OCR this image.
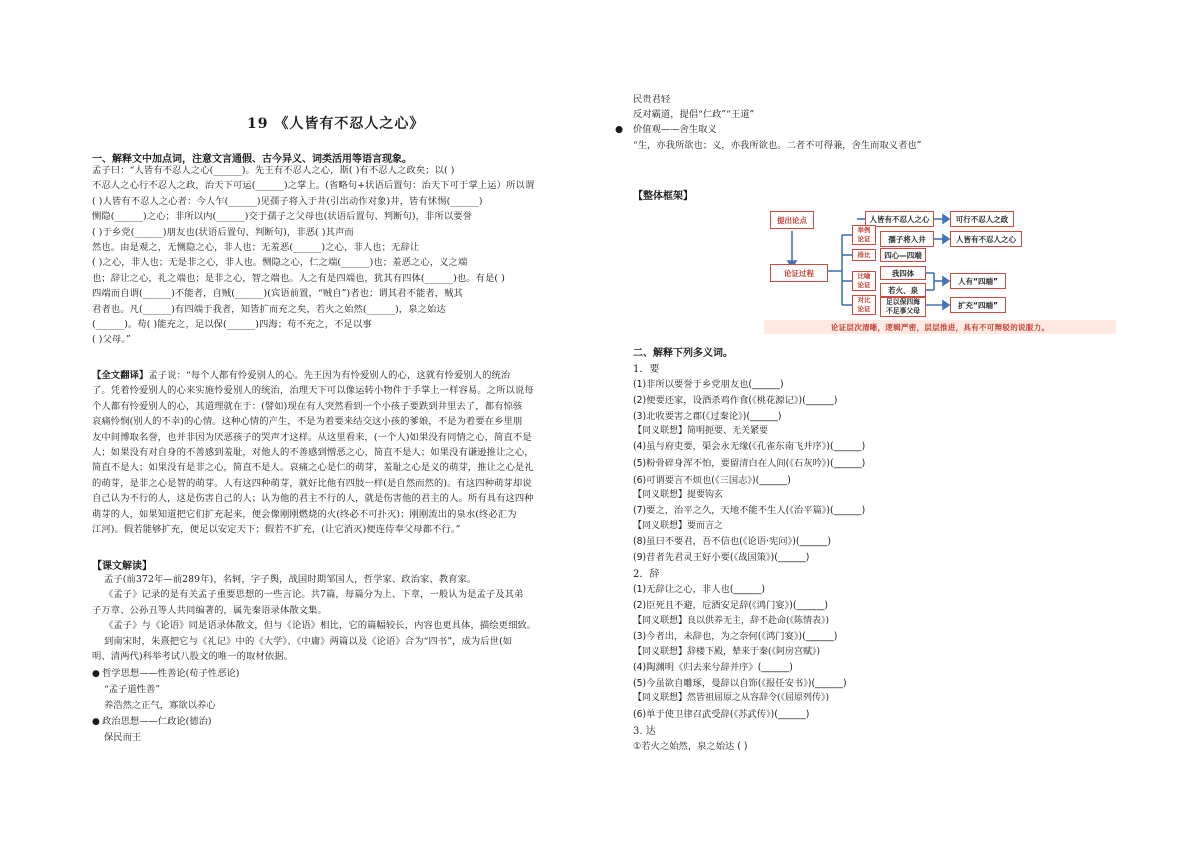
19 《人皆有不忍人之心》
一、解释文中加点词，注意文言通假、古今异义、词类活用等语言现象。
孟子曰：“人皆有不忍人之心(______)。先王有不忍人之心，斯( )有不忍人之政矣；以( )
不忍人之心行不忍人之政，治天下可运(______)之掌上。(省略句+状语后置句：治天下可于掌上运）所以谓
( )人皆有不忍人之心者：今人乍(______)见孺子将入于井(引出动作对象)井，皆有怵惕(______)
恻隐(______)之心；非所以内(______)交于孺子之父母也(状语后置句、判断句)，非所以要誉
( )于乡党(______)朋友也(状语后置句、判断句)，非恶( )其声而
然也。由是观之，无恻隐之心，非人也；无羞恶(______)之心，非人也；无辞让
( )之心，非人也；无是非之心，非人也。恻隐之心，仁之端(______)也；羞恶之心，义之端
也；辞让之心，礼之端也；是非之心，智之端也。人之有是四端也，犹其有四体(______)也。有是( )
四端而自谓(______)不能者，自贼(______)(宾语前置，“贼自”)者也；谓其君不能者，贼其
君者也。凡(______)有四端于我者，知皆扩而充之矣，若火之始然(______)，泉之始达
(______)。苟( )能充之，足以保(______)四海；苟不充之，不足以事
( )父母。”
【全文翻译】孟子说：“每个人都有怜爱别人的心。先王因为有怜爱别人的心，这就有怜爱别人的统治
了。凭着怜爱别人的心来实施怜爱别人的统治，治理天下可以像运转小物件于手掌上一样容易。之所以说每
个人都有怜爱别人的心，其道理就在于：(譬如)现在有人突然看到一个小孩子要跌到井里去了，都有惊骇
哀痛怜悯(别人的不幸)的心情。这种心情的产生，不是为着要来结交这小孩的爹娘，不是为着要在乡里朋
友中间博取名誉，也并非因为厌恶孩子的哭声才这样。从这里看来，(一个人)如果没有同情之心，简直不是
人；如果没有对自身的不善感到羞耻，对他人的不善感到憎恶之心，简直不是人；如果没有谦逊推让之心，
简直不是人；如果没有是非之心，简直不是人。哀痛之心是仁的萌芽，羞耻之心是义的萌芽，推让之心是礼
的萌芽，是非之心是智的萌芽。人有这四种萌芽，就好比他有四肢一样(是自然而然的)。有这四种萌芽却说
自己认为不行的人，这是伤害自己的人；认为他的君主不行的人，就是伤害他的君主的人。所有具有这四种
萌芽的人，如果知道把它们扩充起来，便会像刚刚燃烧的火(终必不可扑灭)；刚刚流出的泉水(终必汇为
江河)。假若能够扩充，便足以安定天下；假若不扩充，(让它消灭)便连侍奉父母都不行。”
【课文解读】
孟子(前372年—前289年)，名轲，字子舆，战国时期邹国人，哲学家、政治家、教育家。
《孟子》记录的是有关孟子重要思想的一些言论。共7篇，每篇分为上、下章，一般认为是孟子及其弟
子万章、公孙丑等人共同编著的，属先秦语录体散文集。
《孟子》与《论语》同是语录体散文，但与《论语》相比，它的篇幅较长，内容也更具体，描绘更细致。
到南宋时，朱熹把它与《礼记》中的《大学》、《中庸》两篇以及《论语》合为“四书”，成为后世(如
明、清两代)科举考试八股文的唯一的取材依据。
● 哲学思想——性善论(荀子性恶论)
“孟子道性善”
养浩然之正气，寡欲以养心
● 政治思想——仁政论(德治)
保民而王
民贵君轻
反对霸道，提倡“仁政”“王道”
● 价值观——舍生取义
“生，亦我所欲也；义，亦我所欲也。二者不可得兼，舍生而取义者也”
【整体框架】
提出论点	人皆有不忍人之心	可行不忍人之政
论证过程
举例
论证	孺子将入井	人皆有不忍人之心
排比	四心—四端
比喻
论证
我四体
若火、泉
人有“四端”
对比
论证
足以保四海
不足事父母
扩充“四端”
论证层次清晰，逻辑严密，层层推进，具有不可辩驳的说服力。
二、解释下列多义词。
1．要
(1)非所以要誉于乡党朋友也(______)
(2)便要还家，设酒杀鸡作食(《桃花源记》)(______)
(3)北收要害之郡(《过秦论》)(______)
【同义联想】简明扼要、无关紧要
(4)虽与府吏要，渠会永无缘(《孔雀东南飞并序》)(______)
(5)粉骨碎身浑不怕，要留清白在人间(《石灰吟》)(______)
(6)可谓要言不烦也(《三国志》)(______)
【同义联想】提要钩玄
(7)要之，治平之久，天地不能不生人(《治平篇》)(______)
【同义联想】要而言之
(8)虽曰不要君，吾不信也(《论语·宪问》)(______)
(9)昔者先君灵王好小要(《战国策》)(______)
2．辞
(1)无辞让之心，非人也(______)
(2)臣死且不避，卮酒安足辞(《鸿门宴》)(______)
【同义联想】良以供养无主，辞不赴命(《陈情表》)
(3)今者出，未辞也，为之奈何(《鸿门宴》)(______)
【同义联想】辞楼下殿，辇来于秦(《阿房宫赋》)
(4)陶渊明《归去来兮辞并序》(______)
(5)今虽欲自雕琢，曼辞以自饰(《报任安书》)(______)
【同义联想】然皆祖屈原之从容辞令(《屈原列传》)
(6)单于使卫律召武受辞(《苏武传》)(______)
3. 达
①若火之始然，泉之始达 ( )
